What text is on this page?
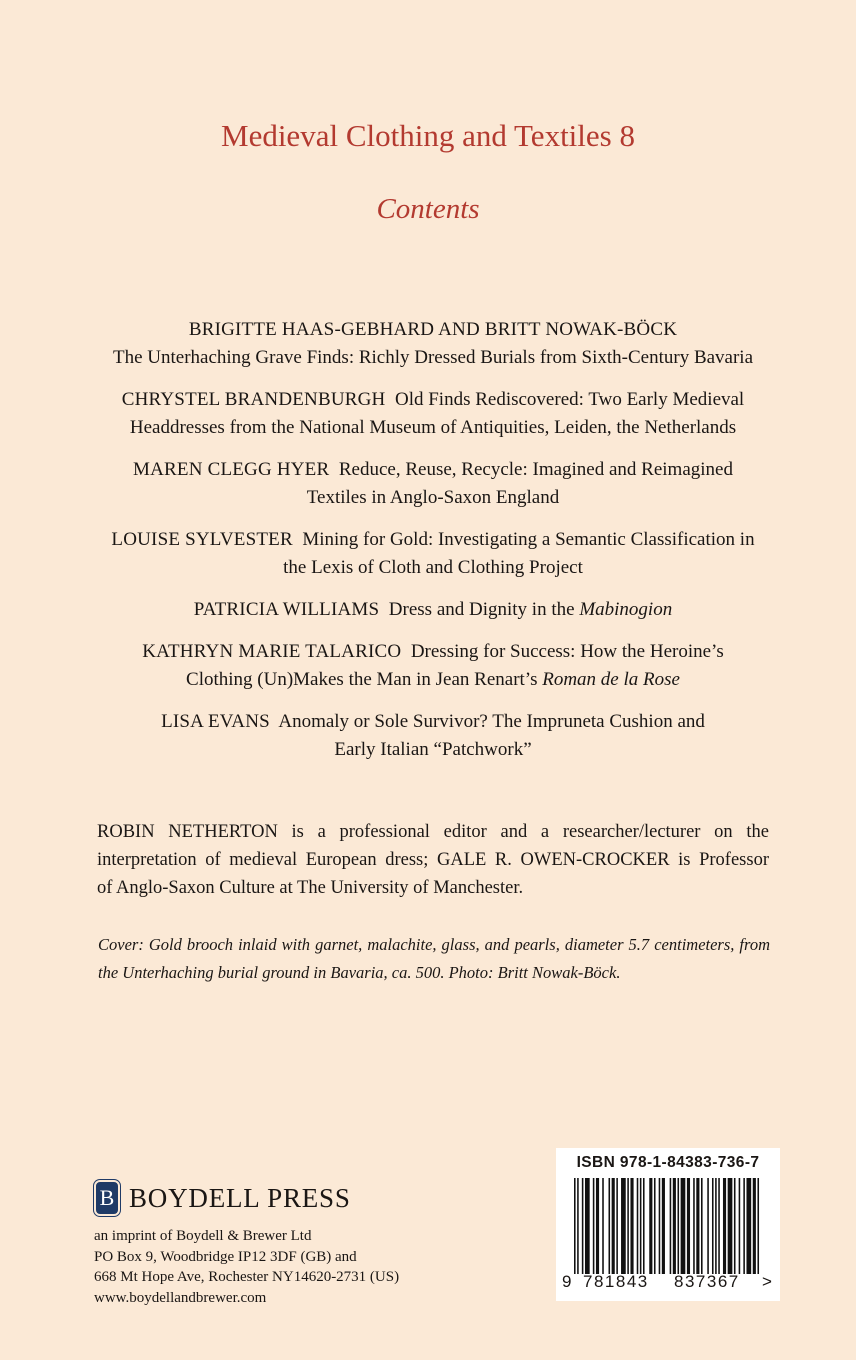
Medieval Clothing and Textiles 8
Contents
BRIGITTE HAAS-GEBHARD AND BRITT NOWAK-BÖCK
The Unterhaching Grave Finds: Richly Dressed Burials from Sixth-Century Bavaria
CHRYSTEL BRANDENBURGH Old Finds Rediscovered: Two Early Medieval
Headdresses from the National Museum of Antiquities, Leiden, the Netherlands
MAREN CLEGG HYER Reduce, Reuse, Recycle: Imagined and Reimagined
Textiles in Anglo-Saxon England
LOUISE SYLVESTER Mining for Gold: Investigating a Semantic Classification in
the Lexis of Cloth and Clothing Project
PATRICIA WILLIAMS Dress and Dignity in the Mabinogion
KATHRYN MARIE TALARICO Dressing for Success: How the Heroine’s
Clothing (Un)Makes the Man in Jean Renart’s Roman de la Rose
LISA EVANS Anomaly or Sole Survivor? The Impruneta Cushion and
Early Italian “Patchwork”
ROBIN NETHERTON is a professional editor and a researcher/lecturer on the
interpretation of medieval European dress; GALE R. OWEN-CROCKER is Professor
of Anglo-Saxon Culture at The University of Manchester.
Cover: Gold brooch inlaid with garnet, malachite, glass, and pearls, diameter 5.7 centimeters, from
the Unterhaching burial ground in Bavaria, ca. 500. Photo: Britt Nowak-Böck.
B BOYDELL PRESS
an imprint of Boydell & Brewer Ltd
PO Box 9, Woodbridge IP12 3DF (GB) and
668 Mt Hope Ave, Rochester NY14620-2731 (US)
www.boydellandbrewer.com
ISBN 978-1-84383-736-7
9 781843 837367 >
